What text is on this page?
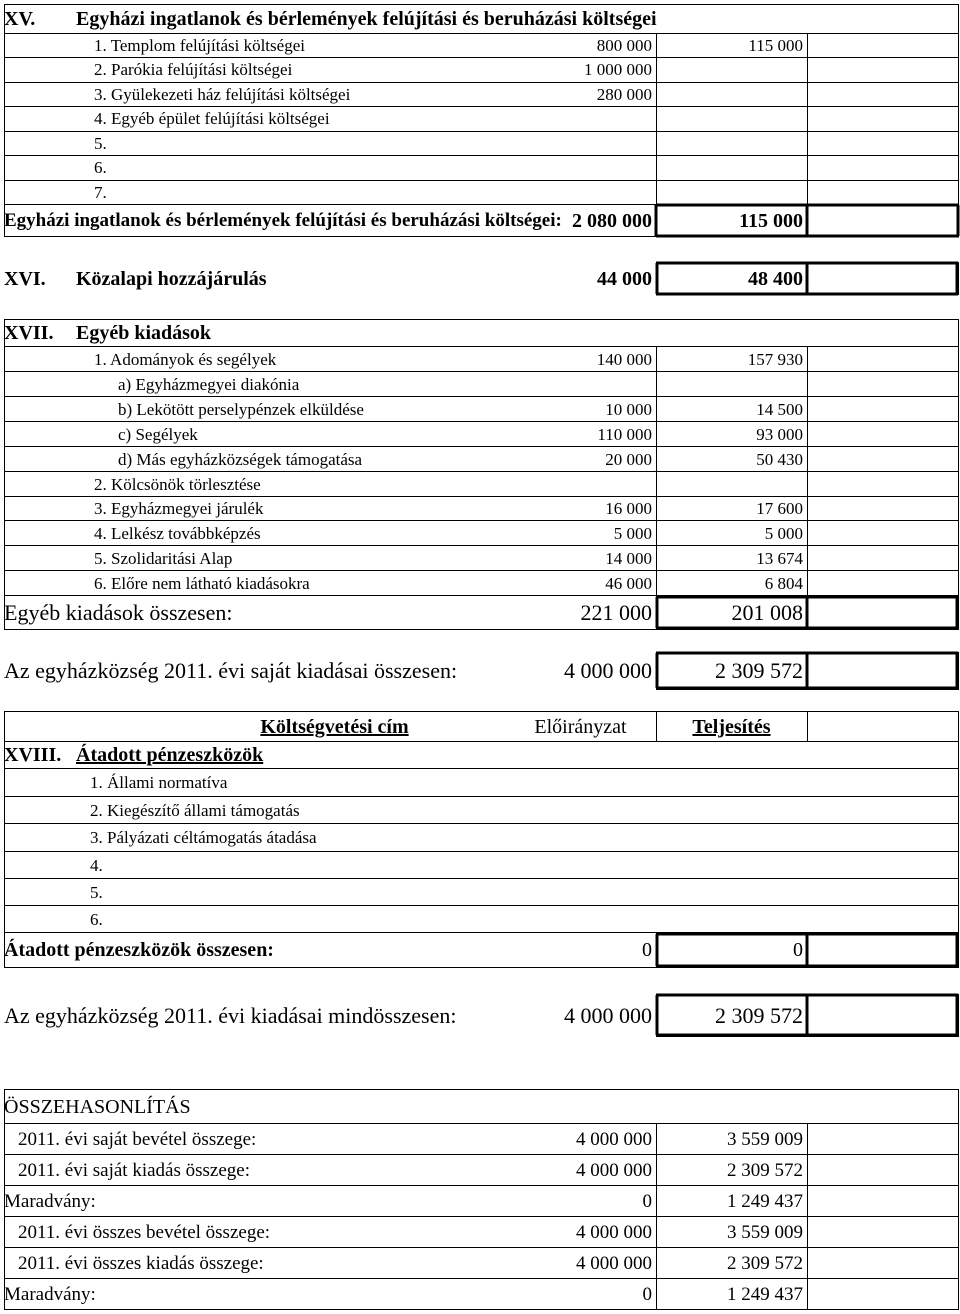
XV. Egyházi ingatlanok és bérlemények felújítási és beruházási költségei
1. Templom felújítási költségei	800 000	115 000
2. Parókia felújítási költségei	1 000 000
3. Gyülekezeti ház felújítási költségei	280 000
4. Egyéb épület felújítási költségei
5.
6.
7.
Egyházi ingatlanok és bérlemények felújítási és beruházási költségei: 2 080 000	115 000
XVI. Közalapi hozzájárulás	44 000	48 400
XVII. Egyéb kiadások
1. Adományok és segélyek	140 000	157 930
a) Egyházmegyei diakónia
b) Lekötött perselypénzek elküldése	10 000	14 500
c) Segélyek	110 000	93 000
d) Más egyházközségek támogatása	20 000	50 430
2. Kölcsönök törlesztése
3. Egyházmegyei járulék	16 000	17 600
4. Lelkész továbbképzés	5 000	5 000
5. Szolidaritási Alap	14 000	13 674
6. Előre nem látható kiadásokra	46 000	6 804
Egyéb kiadások összesen:	221 000	201 008
Az egyházközség 2011. évi saját kiadásai összesen:	4 000 000	2 309 572
Költségvetési cím	Előirányzat	Teljesítés
XVIII. Átadott pénzeszközök
1. Állami normatíva
2. Kiegészítő állami támogatás
3. Pályázati céltámogatás átadása
4.
5.
6.
Átadott pénzeszközök összesen:	0	0
Az egyházközség 2011. évi kiadásai mindösszesen:	4 000 000	2 309 572
ÖSSZEHASONLÍTÁS
2011. évi saját bevétel összege:	4 000 000	3 559 009
2011. évi saját kiadás összege:	4 000 000	2 309 572
Maradvány:	0	1 249 437
2011. évi összes bevétel összege:	4 000 000	3 559 009
2011. évi összes kiadás összege:	4 000 000	2 309 572
Maradvány:	0	1 249 437
